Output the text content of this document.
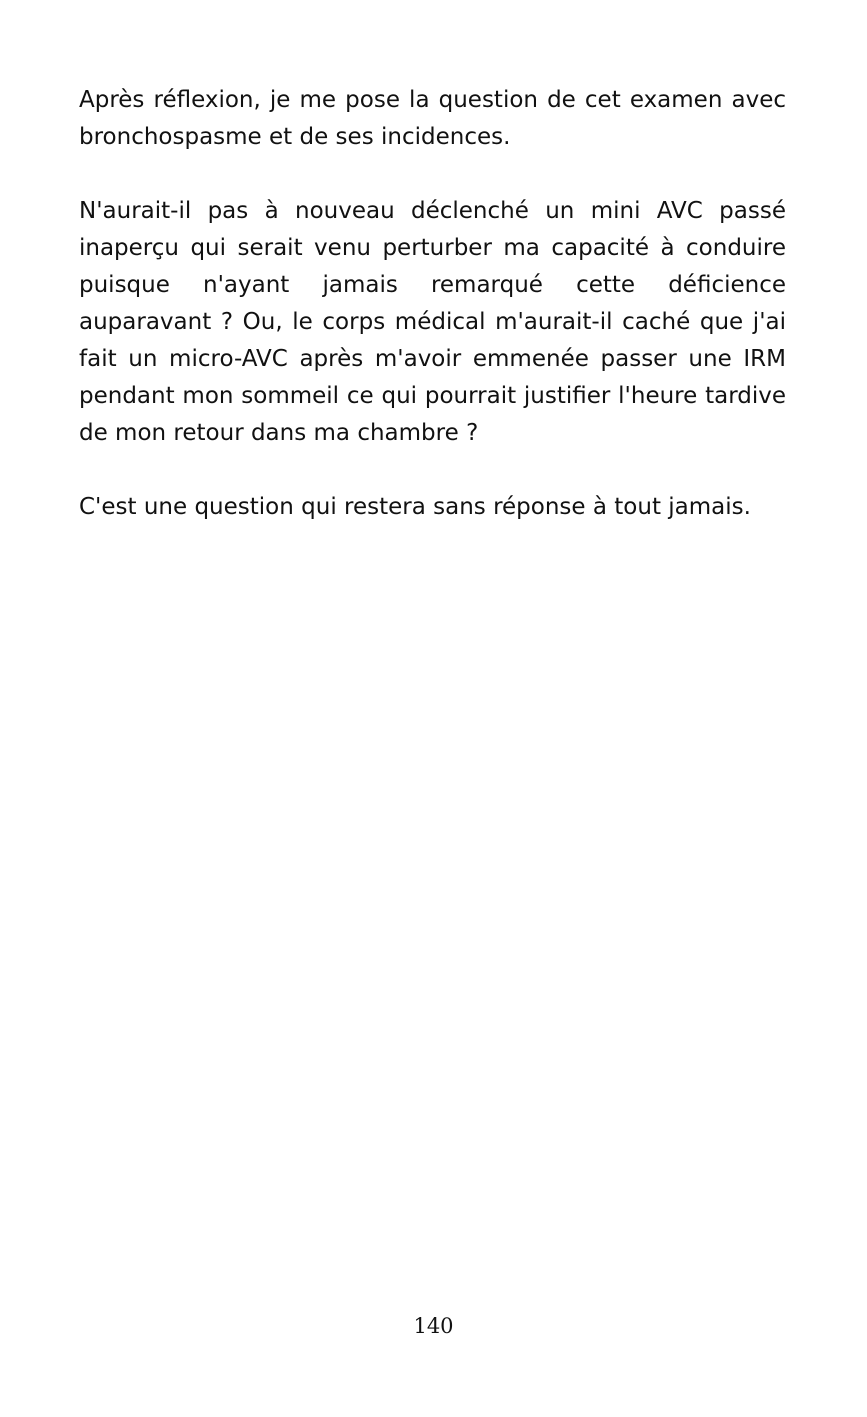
Après réflexion, je me pose la question de cet examen avec bronchospasme et de ses incidences.

N'aurait-il pas à nouveau déclenché un mini AVC passé inaperçu qui serait venu perturber ma capacité à conduire puisque n'ayant jamais remarqué cette déficience auparavant ? Ou, le corps médical m'aurait-il caché que j'ai fait un micro-AVC après m'avoir emmenée passer une IRM pendant mon sommeil ce qui pourrait justifier l'heure tardive de mon retour dans ma chambre ?

C'est une question qui restera sans réponse à tout jamais.

140
